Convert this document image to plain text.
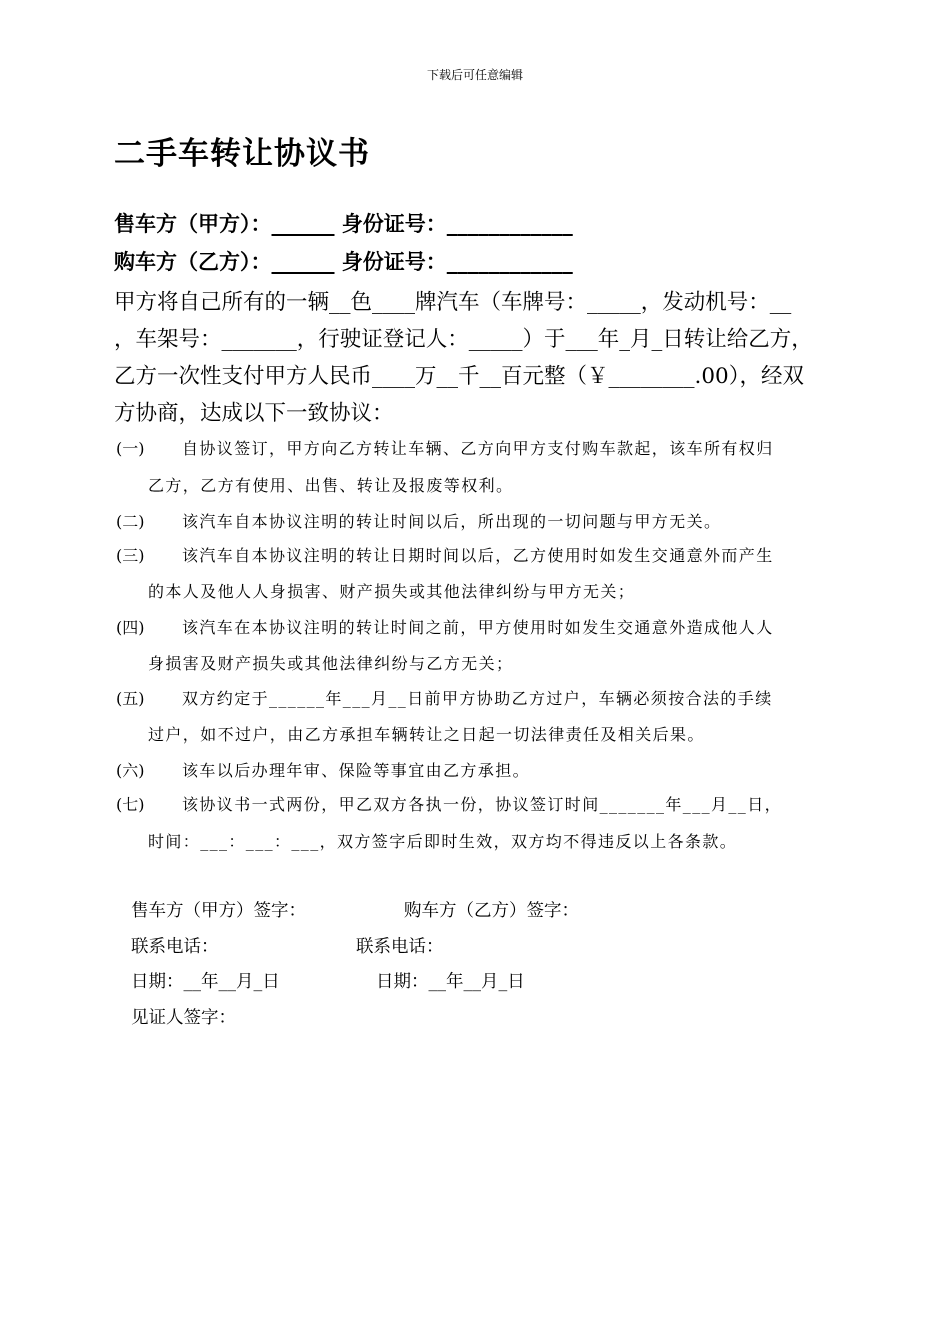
下载后可任意编辑
二手车转让协议书
售车方（甲方）：______ 身份证号：____________
购车方（乙方）：______ 身份证号：____________
甲方将自己所有的一辆__色____牌汽车（车牌号：_____，发动机号：__
，车架号：_______，行驶证登记人：_____）于___年_月_日转让给乙方，
乙方一次性支付甲方人民币____万__千__百元整（￥________.00），经双
方协商，达成以下一致协议：
(一) 自协议签订，甲方向乙方转让车辆、乙方向甲方支付购车款起，该车所有权归
乙方，乙方有使用、出售、转让及报废等权利。
(二) 该汽车自本协议注明的转让时间以后，所出现的一切问题与甲方无关。
(三) 该汽车自本协议注明的转让日期时间以后，乙方使用时如发生交通意外而产生
的本人及他人人身损害、财产损失或其他法律纠纷与甲方无关；
(四) 该汽车在本协议注明的转让时间之前，甲方使用时如发生交通意外造成他人人
身损害及财产损失或其他法律纠纷与乙方无关；
(五) 双方约定于______年___月__日前甲方协助乙方过户，车辆必须按合法的手续
过户，如不过户，由乙方承担车辆转让之日起一切法律责任及相关后果。
(六) 该车以后办理年审、保险等事宜由乙方承担。
(七) 该协议书一式两份，甲乙双方各执一份，协议签订时间_______年___月__日，
时间：___：___：___，双方签字后即时生效，双方均不得违反以上各条款。
售车方（甲方）签字：	购车方（乙方）签字：
联系电话：	联系电话：
日期：__年__月_日	日期：__年__月_日
见证人签字：
